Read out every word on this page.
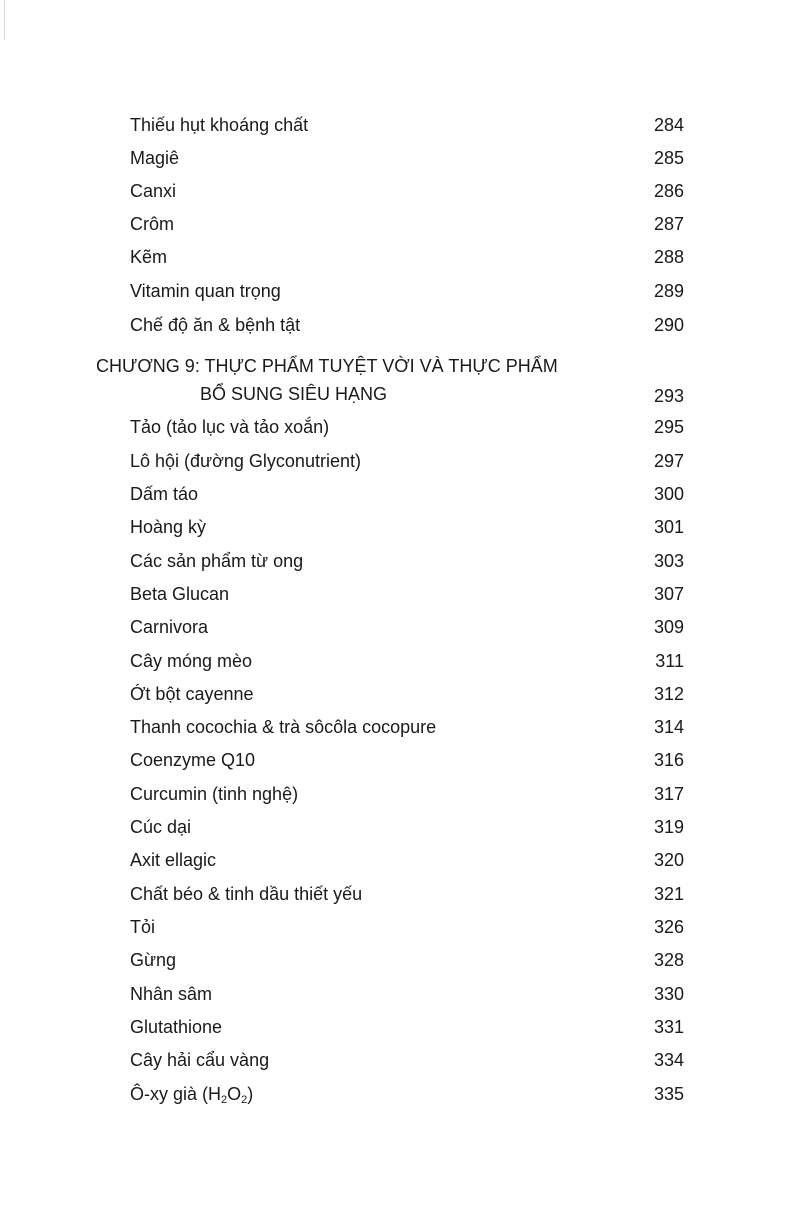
Thiếu hụt khoáng chất	284
Magiê	285
Canxi	286
Crôm	287
Kẽm	288
Vitamin quan trọng	289
Chế độ ăn & bệnh tật	290
CHƯƠNG 9: THỰC PHẨM TUYỆT VỜI VÀ THỰC PHẨM
BỔ SUNG SIÊU HẠNG	293
Tảo (tảo lục và tảo xoắn)	295
Lô hội (đường Glyconutrient)	297
Dấm táo	300
Hoàng kỳ	301
Các sản phẩm từ ong	303
Beta Glucan	307
Carnivora	309
Cây móng mèo	311
Ớt bột cayenne	312
Thanh cocochia & trà sôcôla cocopure	314
Coenzyme Q10	316
Curcumin (tinh nghệ)	317
Cúc dại	319
Axit ellagic	320
Chất béo & tinh dầu thiết yếu	321
Tỏi	326
Gừng	328
Nhân sâm	330
Glutathione	331
Cây hải cẩu vàng	334
Ô-xy già $(H_2O_2)$	335
